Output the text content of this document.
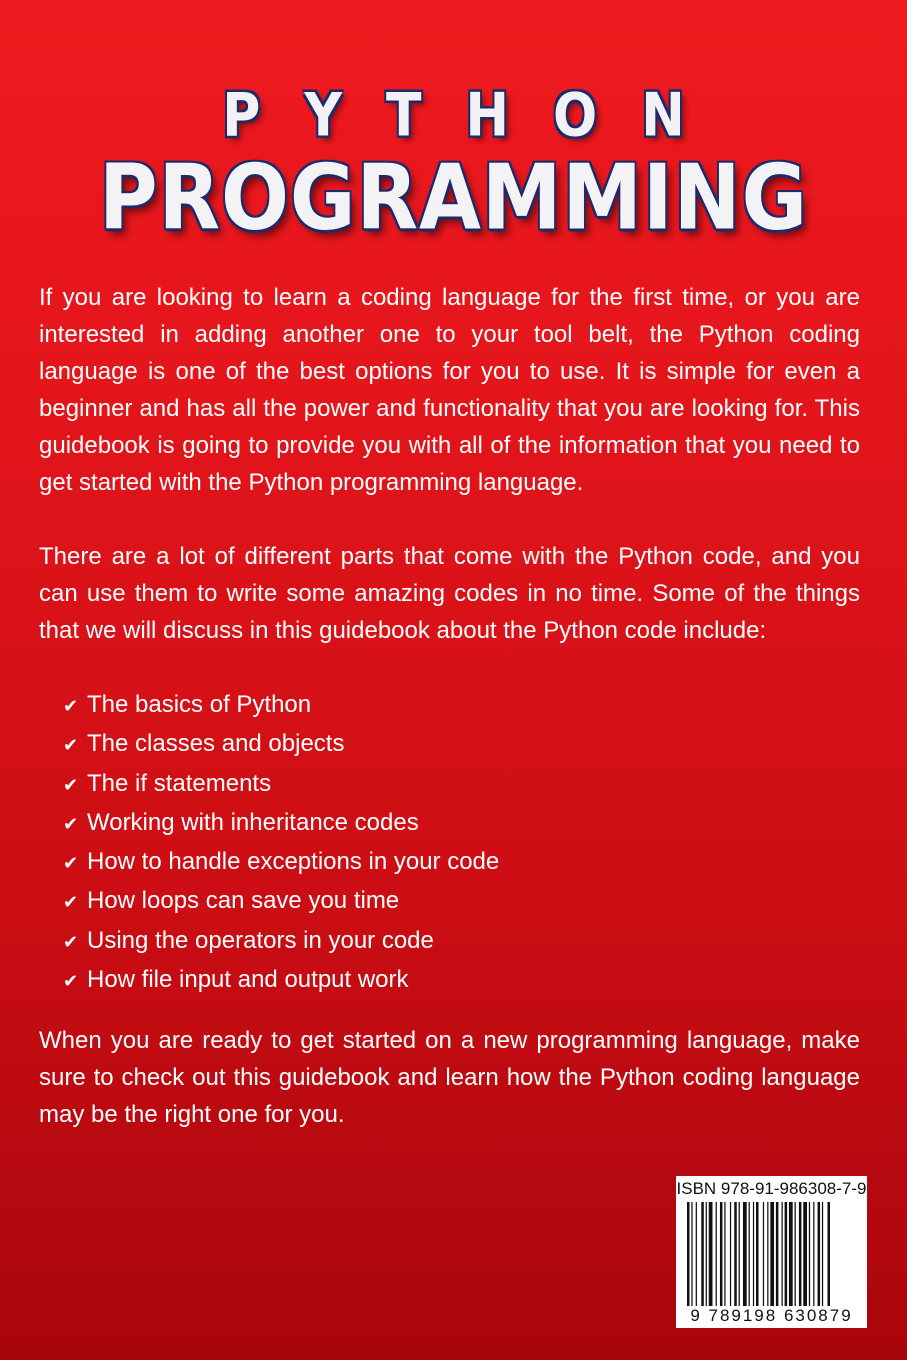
PYTHON
PROGRAMMING

If you are looking to learn a coding language for the first time, or you are interested in adding another one to your tool belt, the Python coding language is one of the best options for you to use. It is simple for even a beginner and has all the power and functionality that you are looking for. This guidebook is going to provide you with all of the information that you need to get started with the Python programming language.

There are a lot of different parts that come with the Python code, and you can use them to write some amazing codes in no time. Some of the things that we will discuss in this guidebook about the Python code include:

✔ The basics of Python
✔ The classes and objects
✔ The if statements
✔ Working with inheritance codes
✔ How to handle exceptions in your code
✔ How loops can save you time
✔ Using the operators in your code
✔ How file input and output work

When you are ready to get started on a new programming language, make sure to check out this guidebook and learn how the Python coding language may be the right one for you.

ISBN 978-91-986308-7-9
9 789198 630879
